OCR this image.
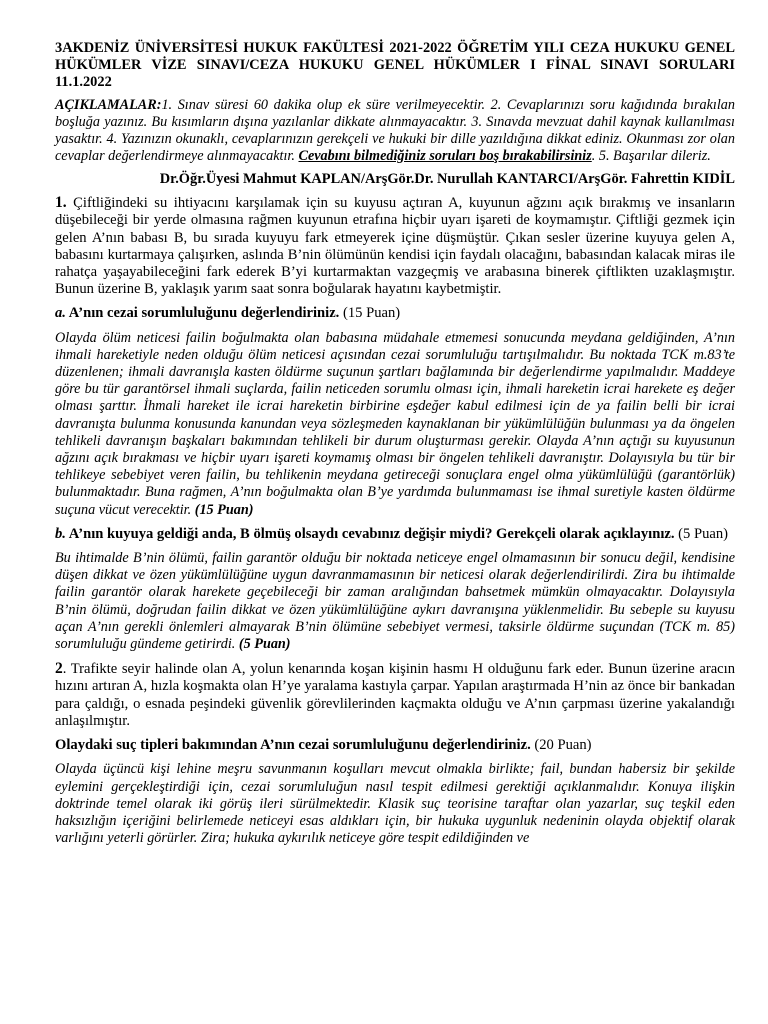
3AKDENİZ ÜNİVERSİTESİ HUKUK FAKÜLTESİ 2021-2022 ÖĞRETİM YILI CEZA HUKUKU GENEL HÜKÜMLER VİZE SINAVI/CEZA HUKUKU GENEL HÜKÜMLER I FİNAL SINAVI SORULARI 11.1.2022

AÇIKLAMALAR:1. Sınav süresi 60 dakika olup ek süre verilmeyecektir. 2. Cevaplarınızı soru kağıdında bırakılan boşluğa yazınız. Bu kısımların dışına yazılanlar dikkate alınmayacaktır. 3. Sınavda mevzuat dahil kaynak kullanılması yasaktır. 4. Yazınızın okunaklı, cevaplarınızın gerekçeli ve hukuki bir dille yazıldığına dikkat ediniz. Okunması zor olan cevaplar değerlendirmeye alınmayacaktır. Cevabını bilmediğiniz soruları boş bırakabilirsiniz. 5. Başarılar dileriz.

Dr.Öğr.Üyesi Mahmut KAPLAN/ArşGör.Dr. Nurullah KANTARCI/ArşGör. Fahrettin KIDİL

1. Çiftliğindeki su ihtiyacını karşılamak için su kuyusu açtıran A, kuyunun ağzını açık bırakmış ve insanların düşebileceği bir yerde olmasına rağmen kuyunun etrafına hiçbir uyarı işareti de koymamıştır. Çiftliği gezmek için gelen A’nın babası B, bu sırada kuyuyu fark etmeyerek içine düşmüştür. Çıkan sesler üzerine kuyuya gelen A, babasını kurtarmaya çalışırken, aslında B’nin ölümünün kendisi için faydalı olacağını, babasından kalacak miras ile rahatça yaşayabileceğini fark ederek B’yi kurtarmaktan vazgeçmiş ve arabasına binerek çiftlikten uzaklaşmıştır. Bunun üzerine B, yaklaşık yarım saat sonra boğularak hayatını kaybetmiştir.

a. A’nın cezai sorumluluğunu değerlendiriniz. (15 Puan)

Olayda ölüm neticesi failin boğulmakta olan babasına müdahale etmemesi sonucunda meydana geldiğinden, A’nın ihmali hareketiyle neden olduğu ölüm neticesi açısından cezai sorumluluğu tartışılmalıdır. Bu noktada TCK m.83’te düzenlenen; ihmali davranışla kasten öldürme suçunun şartları bağlamında bir değerlendirme yapılmalıdır. Maddeye göre bu tür garantörsel ihmali suçlarda, failin neticeden sorumlu olması için, ihmali hareketin icrai harekete eş değer olması şarttır. İhmali hareket ile icrai hareketin birbirine eşdeğer kabul edilmesi için de ya failin belli bir icrai davranışta bulunma konusunda kanundan veya sözleşmeden kaynaklanan bir yükümlülüğün bulunması ya da öngelen tehlikeli davranışın başkaları bakımından tehlikeli bir durum oluşturması gerekir. Olayda A’nın açtığı su kuyusunun ağzını açık bırakması ve hiçbir uyarı işareti koymamış olması bir öngelen tehlikeli davranıştır. Dolayısıyla bu tür bir tehlikeye sebebiyet veren failin, bu tehlikenin meydana getireceği sonuçlara engel olma yükümlülüğü (garantörlük) bulunmaktadır. Buna rağmen, A’nın boğulmakta olan B’ye yardımda bulunmaması ise ihmal suretiyle kasten öldürme suçuna vücut verecektir. (15 Puan)

b. A’nın kuyuya geldiği anda, B ölmüş olsaydı cevabınız değişir miydi? Gerekçeli olarak açıklayınız. (5 Puan)

Bu ihtimalde B’nin ölümü, failin garantör olduğu bir noktada neticeye engel olmamasının bir sonucu değil, kendisine düşen dikkat ve özen yükümlülüğüne uygun davranmamasının bir neticesi olarak değerlendirilirdi. Zira bu ihtimalde failin garantör olarak harekete geçebileceği bir zaman aralığından bahsetmek mümkün olmayacaktır. Dolayısıyla B’nin ölümü, doğrudan failin dikkat ve özen yükümlülüğüne aykırı davranışına yüklenmelidir. Bu sebeple su kuyusu açan A’nın gerekli önlemleri almayarak B’nin ölümüne sebebiyet vermesi, taksirle öldürme suçundan (TCK m. 85) sorumluluğu gündeme getirirdi. (5 Puan)

2. Trafikte seyir halinde olan A, yolun kenarında koşan kişinin hasmı H olduğunu fark eder. Bunun üzerine aracın hızını artıran A, hızla koşmakta olan H’ye yaralama kastıyla çarpar. Yapılan araştırmada H’nin az önce bir bankadan para çaldığı, o esnada peşindeki güvenlik görevlilerinden kaçmakta olduğu ve A’nın çarpması üzerine yakalandığı anlaşılmıştır.

Olaydaki suç tipleri bakımından A’nın cezai sorumluluğunu değerlendiriniz. (20 Puan)

Olayda üçüncü kişi lehine meşru savunmanın koşulları mevcut olmakla birlikte; fail, bundan habersiz bir şekilde eylemini gerçekleştirdiği için, cezai sorumluluğun nasıl tespit edilmesi gerektiği açıklanmalıdır. Konuya ilişkin doktrinde temel olarak iki görüş ileri sürülmektedir. Klasik suç teorisine taraftar olan yazarlar, suç teşkil eden haksızlığın içeriğini belirlemede neticeyi esas aldıkları için, bir hukuka uygunluk nedeninin olayda objektif olarak varlığını yeterli görürler. Zira; hukuka aykırılık neticeye göre tespit edildiğinden ve
